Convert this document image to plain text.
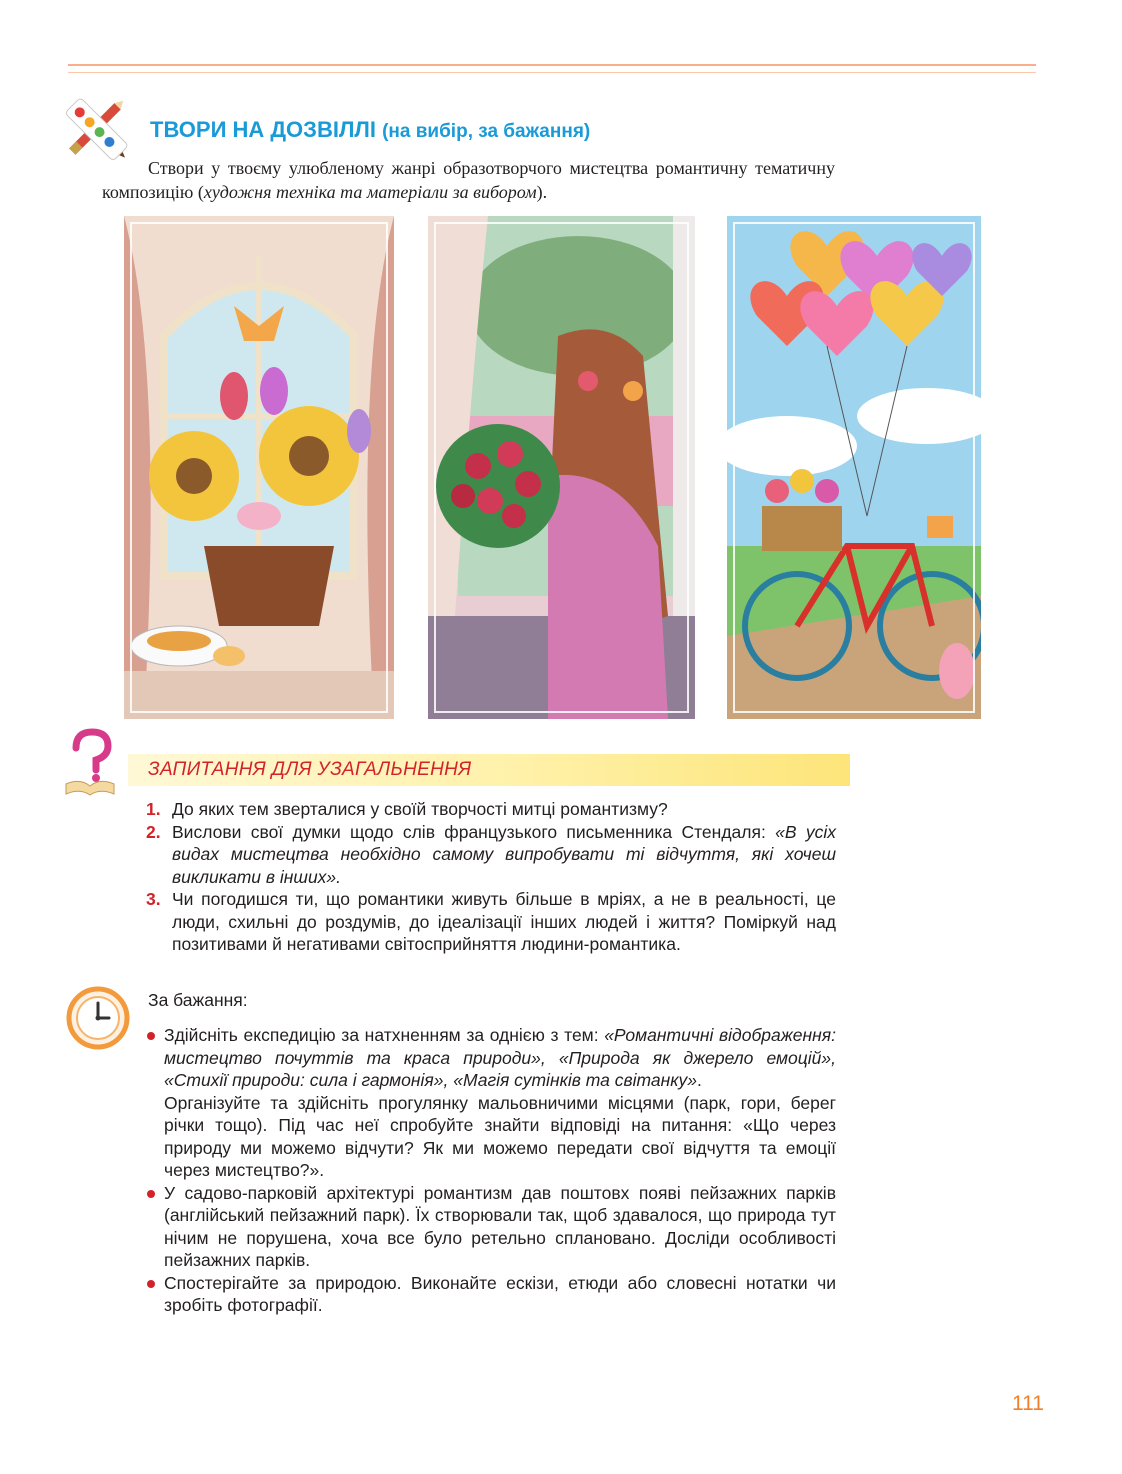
ТВОРИ НА ДОЗВІЛЛІ (на вибір, за бажання)
Створи у твоєму улюбленому жанрі образотворчого мистецтва романтичну тематичну композицію (художня техніка та матеріали за вибором).
ЗАПИТАННЯ ДЛЯ УЗАГАЛЬНЕННЯ
1. До яких тем зверталися у своїй творчості митці романтизму?
2. Вислови свої думки щодо слів французького письменника Стендаля: «В усіх видах мистецтва необхідно самому випробувати ті відчуття, які хочеш викликати в інших».
3. Чи погодишся ти, що романтики живуть більше в мріях, а не в реальності, це люди, схильні до роздумів, до ідеалізації інших людей і життя? Поміркуй над позитивами й негативами світосприйняття людини-романтика.
За бажання:
Здійсніть експедицію за натхненням за однією з тем: «Романтичні відображення: мистецтво почуттів та краса природи», «Природа як джерело емоцій», «Стихії природи: сила і гармонія», «Магія сутінків та світанку».
Організуйте та здійсніть прогулянку мальовничими місцями (парк, гори, берег річки тощо). Під час неї спробуйте знайти відповіді на питання: «Що через природу ми можемо відчути? Як ми можемо передати свої відчуття та емоції через мистецтво?».
У садово-парковій архітектурі романтизм дав поштовх появі пейзажних парків (англійський пейзажний парк). Їх створювали так, щоб здавалося, що природа тут нічим не порушена, хоча все було ретельно сплановано. Досліди особливості пейзажних парків.
Спостерігайте за природою. Виконайте ескізи, етюди або словесні нотатки чи зробіть фотографії.
111
